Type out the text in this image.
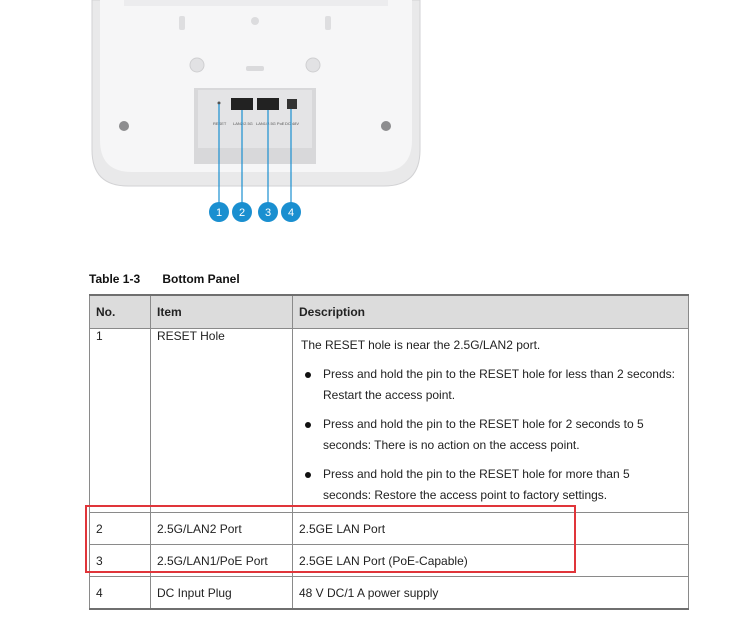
RESET LAN2/2.5G LAN1/2.5G PoE DC 48V
1 2 3 4
Table 1-3 Bottom Panel
No.	Item	Description
1	RESET Hole	The RESET hole is near the 2.5G/LAN2 port.
Press and hold the pin to the RESET hole for less than 2 seconds: Restart the access point.
Press and hold the pin to the RESET hole for 2 seconds to 5 seconds: There is no action on the access point.
Press and hold the pin to the RESET hole for more than 5 seconds: Restore the access point to factory settings.

2	2.5G/LAN2 Port	2.5GE LAN Port
3	2.5G/LAN1/PoE Port	2.5GE LAN Port (PoE-Capable)
4	DC Input Plug	48 V DC/1 A power supply
